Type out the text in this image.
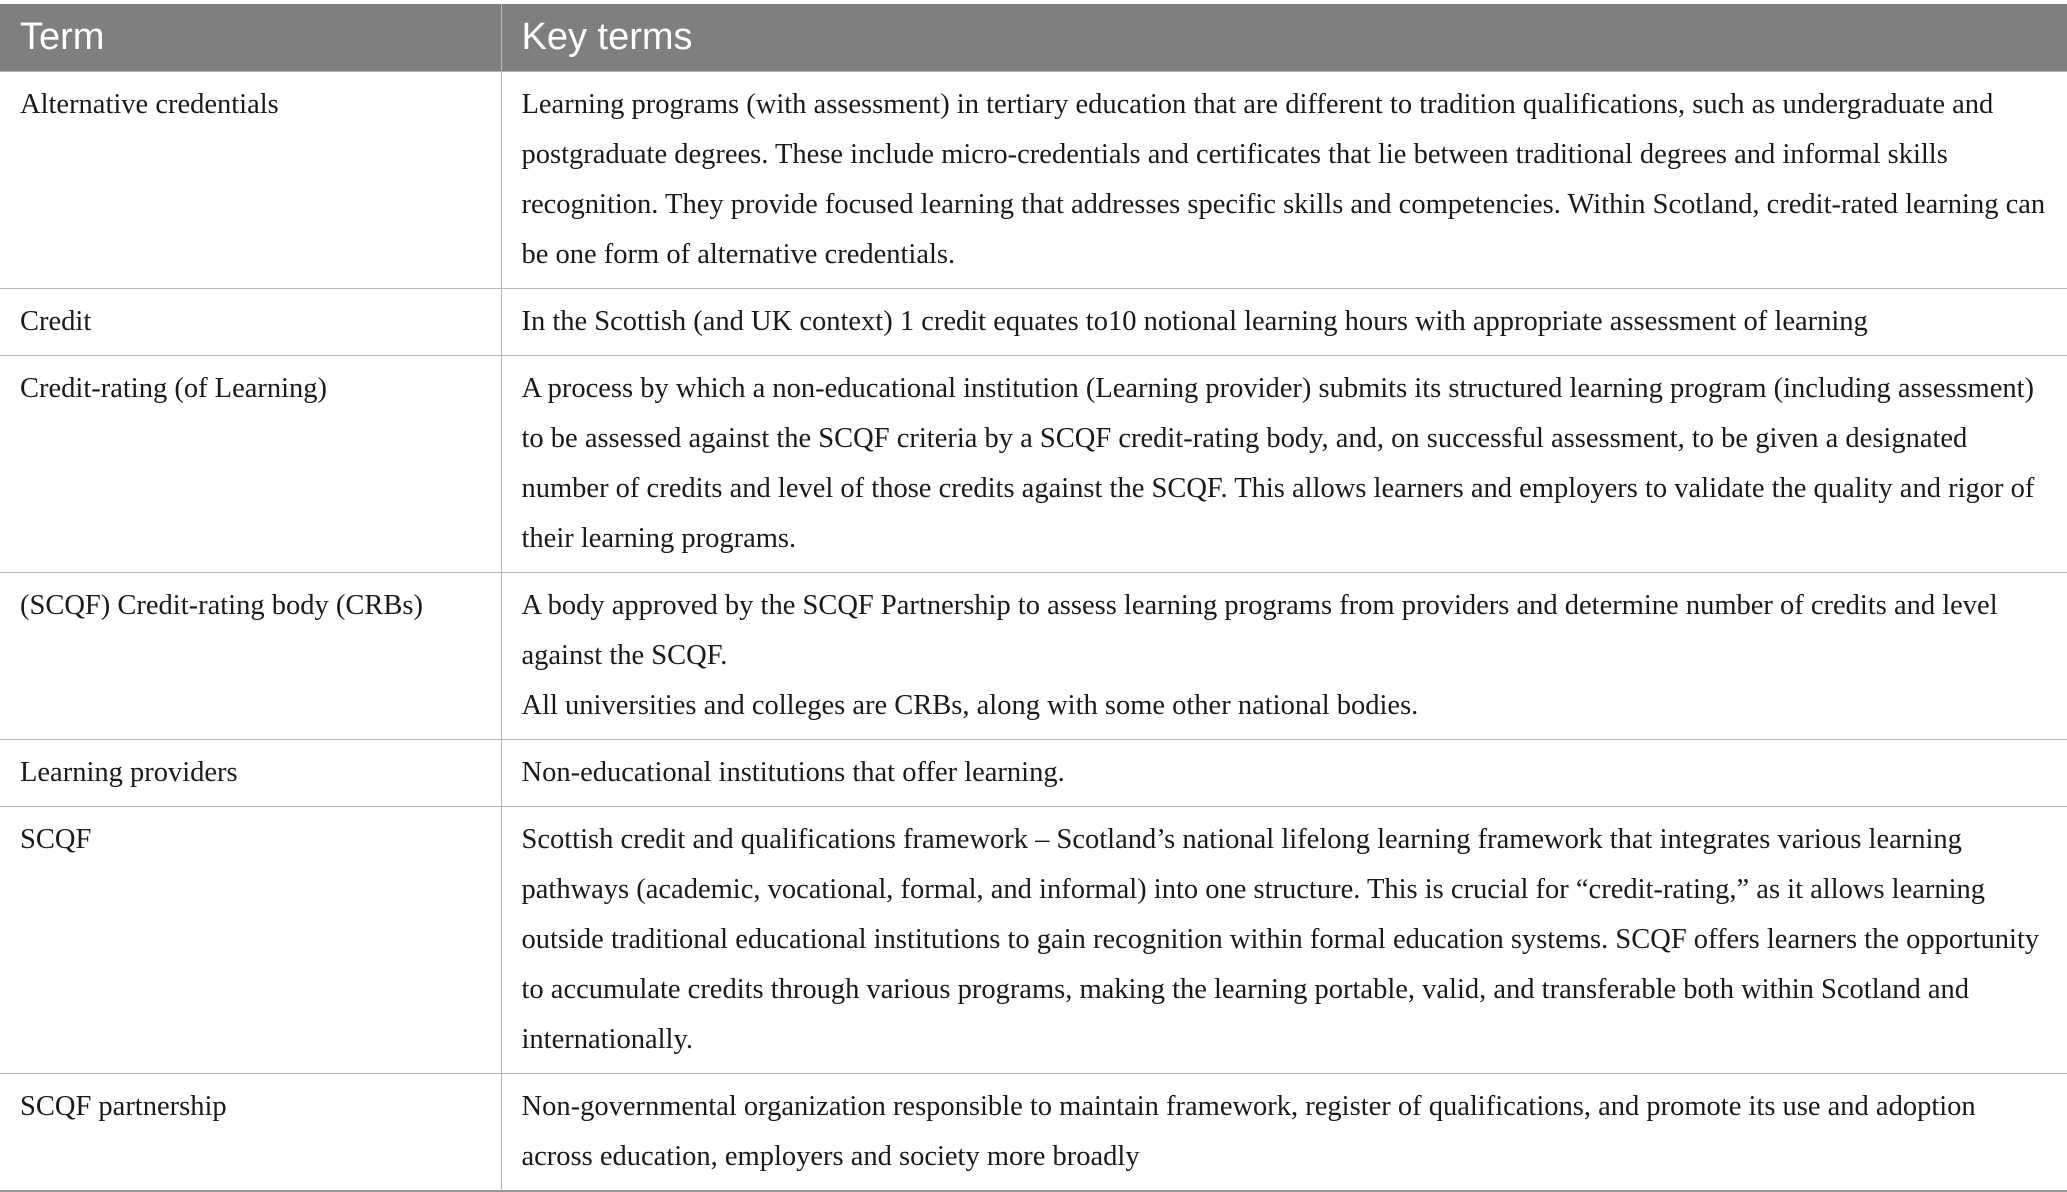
Term	Key terms
Alternative credentials	Learning programs (with assessment) in tertiary education that are different to tradition qualifications, such as undergraduate and postgraduate degrees. These include micro-credentials and certificates that lie between traditional degrees and informal skills recognition. They provide focused learning that addresses specific skills and competencies. Within Scotland, credit-rated learning can be one form of alternative credentials.
Credit	In the Scottish (and UK context) 1 credit equates to10 notional learning hours with appropriate assessment of learning
Credit-rating (of Learning)	A process by which a non-educational institution (Learning provider) submits its structured learning program (including assessment) to be assessed against the SCQF criteria by a SCQF credit-rating body, and, on successful assessment, to be given a designated number of credits and level of those credits against the SCQF. This allows learners and employers to validate the quality and rigor of their learning programs.
(SCQF) Credit-rating body (CRBs)	A body approved by the SCQF Partnership to assess learning programs from providers and determine number of credits and level against the SCQF.
All universities and colleges are CRBs, along with some other national bodies.

Learning providers	Non-educational institutions that offer learning.
SCQF	Scottish credit and qualifications framework – Scotland’s national lifelong learning framework that integrates various learning pathways (academic, vocational, formal, and informal) into one structure. This is crucial for “credit-rating,” as it allows learning outside traditional educational institutions to gain recognition within formal education systems. SCQF offers learners the opportunity to accumulate credits through various programs, making the learning portable, valid, and transferable both within Scotland and internationally.
SCQF partnership	Non-governmental organization responsible to maintain framework, register of qualifications, and promote its use and adoption across education, employers and society more broadly
